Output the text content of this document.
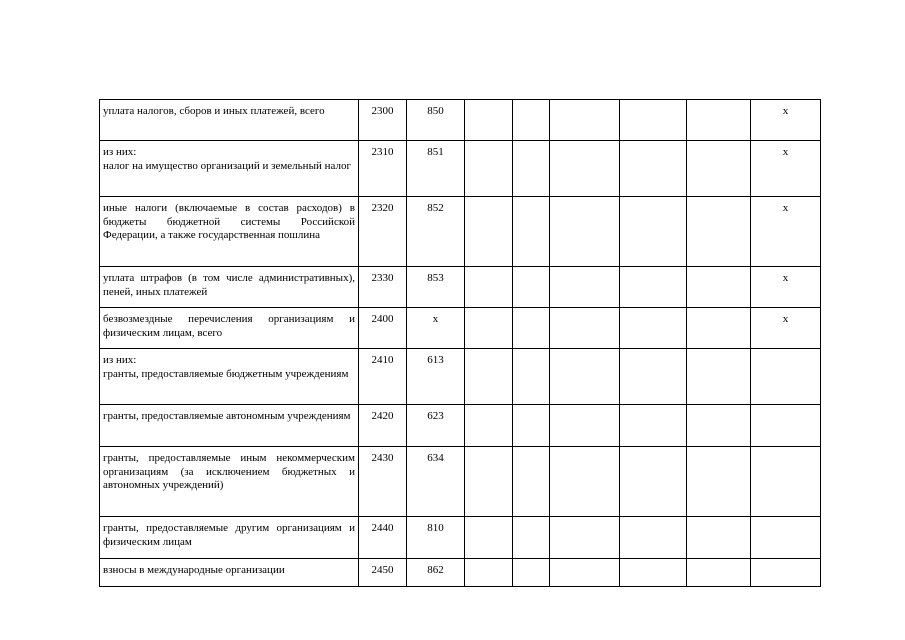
уплата налогов, сборов и иных платежей, всего	2300	850						x

из них:
налог на имущество организаций и земельный налог	2310	851						x

иные налоги (включаемые в состав расходов) в бюджеты бюджетной системы Российской Федерации, а также государственная пошлина	2320	852						x

уплата штрафов (в том числе административных), пеней, иных платежей	2330	853						x

безвозмездные перечисления организациям и физическим лицам, всего	2400	x						x

из них:
гранты, предоставляемые бюджетным учреждениям	2410	613						

гранты, предоставляемые автономным учреждениям	2420	623						

гранты, предоставляемые иным некоммерческим организациям (за исключением бюджетных и автономных учреждений)	2430	634						

гранты, предоставляемые другим организациям и физическим лицам	2440	810						

взносы в международные организации	2450	862						
